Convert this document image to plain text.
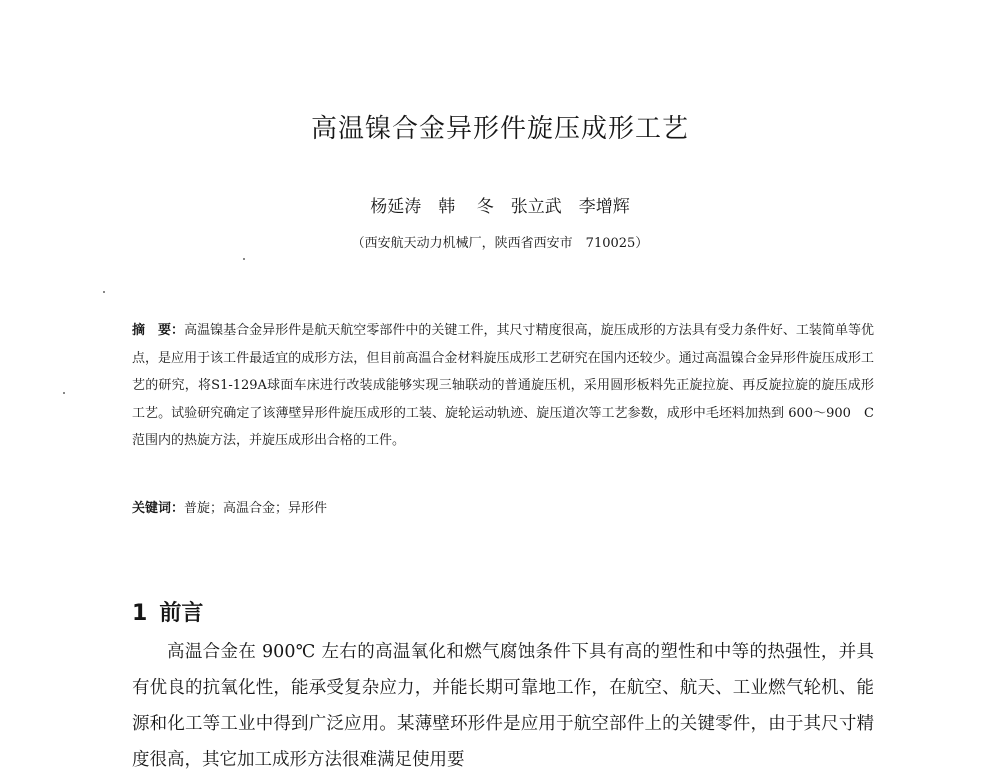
高温镍合金异形件旋压成形工艺
杨延涛　韩 冬　张立武　李增辉
（西安航天动力机械厂，陕西省西安市　710025）
摘　要：高温镍基合金异形件是航天航空零部件中的关键工件，其尺寸精度很高，旋压成形的方法具有受力条件好、工装简单等优点，是应用于该工件最适宜的成形方法，但目前高温合金材料旋压成形工艺研究在国内还较少。通过高温镍合金异形件旋压成形工艺的研究，将S1-129A球面车床进行改装成能够实现三轴联动的普通旋压机，采用圆形板料先正旋拉旋、再反旋拉旋的旋压成形工艺。试验研究确定了该薄壁异形件旋压成形的工装、旋轮运动轨迹、旋压道次等工艺参数，成形中毛坯料加热到 600～900　C 范围内的热旋方法，并旋压成形出合格的工件。
关键词：普旋；高温合金；异形件
1 前言
高温合金在 900℃ 左右的高温氧化和燃气腐蚀条件下具有高的塑性和中等的热强性，并具有优良的抗氧化性，能承受复杂应力，并能长期可靠地工作，在航空、航天、工业燃气轮机、能源和化工等工业中得到广泛应用。某薄壁环形件是应用于航空部件上的关键零件，由于其尺寸精度很高，其它加工成形方法很难满足使用要
